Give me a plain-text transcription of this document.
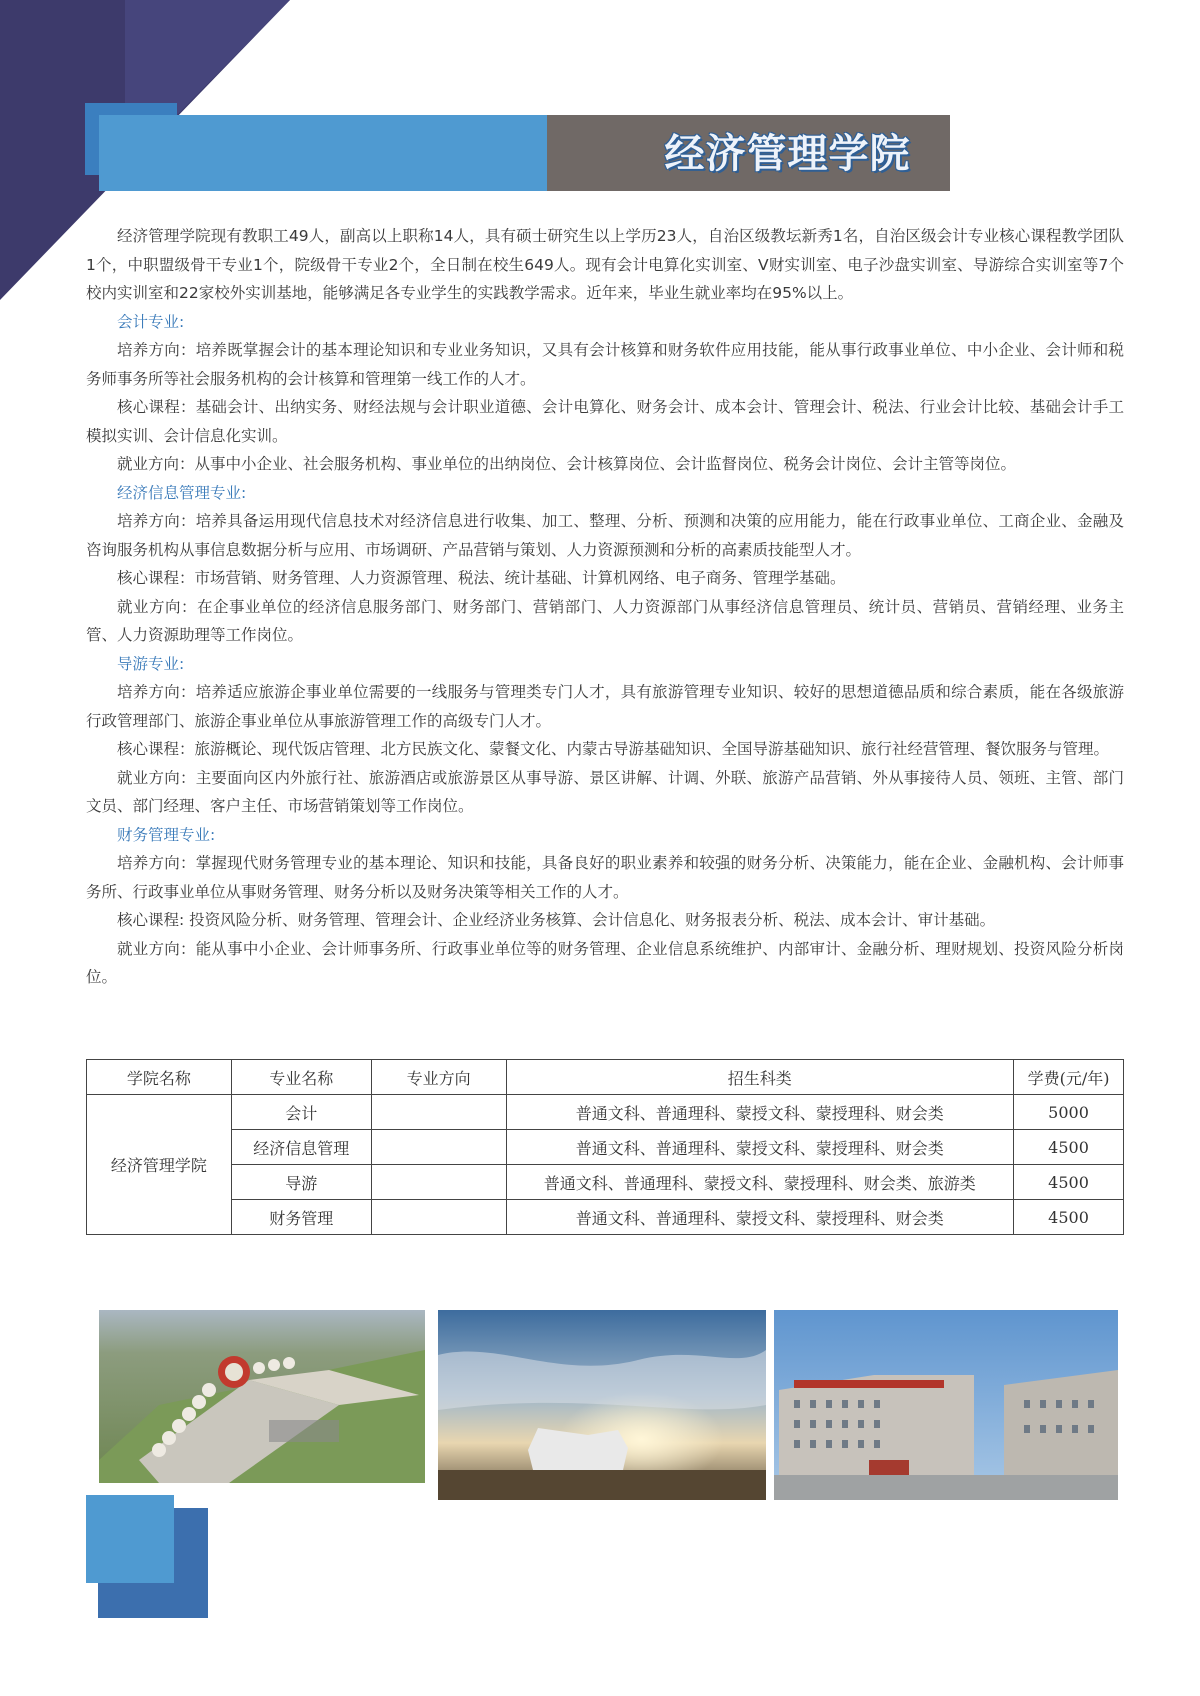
经济管理学院

经济管理学院现有教职工49人，副高以上职称14人，具有硕士研究生以上学历23人，自治区级教坛新秀1名，自治区级会计专业核心课程教学团队1个，中职盟级骨干专业1个，院级骨干专业2个，全日制在校生649人。现有会计电算化实训室、V财实训室、电子沙盘实训室、导游综合实训室等7个校内实训室和22家校外实训基地，能够满足各专业学生的实践教学需求。近年来，毕业生就业率均在95%以上。

会计专业:

培养方向：培养既掌握会计的基本理论知识和专业业务知识，又具有会计核算和财务软件应用技能，能从事行政事业单位、中小企业、会计师和税务师事务所等社会服务机构的会计核算和管理第一线工作的人才。

核心课程：基础会计、出纳实务、财经法规与会计职业道德、会计电算化、财务会计、成本会计、管理会计、税法、行业会计比较、基础会计手工模拟实训、会计信息化实训。

就业方向：从事中小企业、社会服务机构、事业单位的出纳岗位、会计核算岗位、会计监督岗位、税务会计岗位、会计主管等岗位。

经济信息管理专业:

培养方向：培养具备运用现代信息技术对经济信息进行收集、加工、整理、分析、预测和决策的应用能力，能在行政事业单位、工商企业、金融及咨询服务机构从事信息数据分析与应用、市场调研、产品营销与策划、人力资源预测和分析的高素质技能型人才。

核心课程：市场营销、财务管理、人力资源管理、税法、统计基础、计算机网络、电子商务、管理学基础。

就业方向：在企事业单位的经济信息服务部门、财务部门、营销部门、人力资源部门从事经济信息管理员、统计员、营销员、营销经理、业务主管、人力资源助理等工作岗位。

导游专业:

培养方向：培养适应旅游企事业单位需要的一线服务与管理类专门人才，具有旅游管理专业知识、较好的思想道德品质和综合素质，能在各级旅游行政管理部门、旅游企事业单位从事旅游管理工作的高级专门人才。

核心课程：旅游概论、现代饭店管理、北方民族文化、蒙餐文化、内蒙古导游基础知识、全国导游基础知识、旅行社经营管理、餐饮服务与管理。

就业方向：主要面向区内外旅行社、旅游酒店或旅游景区从事导游、景区讲解、计调、外联、旅游产品营销、外从事接待人员、领班、主管、部门文员、部门经理、客户主任、市场营销策划等工作岗位。

财务管理专业:

培养方向：掌握现代财务管理专业的基本理论、知识和技能，具备良好的职业素养和较强的财务分析、决策能力，能在企业、金融机构、会计师事务所、行政事业单位从事财务管理、财务分析以及财务决策等相关工作的人才。

核心课程: 投资风险分析、财务管理、管理会计、企业经济业务核算、会计信息化、财务报表分析、税法、成本会计、审计基础。

就业方向：能从事中小企业、会计师事务所、行政事业单位等的财务管理、企业信息系统维护、内部审计、金融分析、理财规划、投资风险分析岗位。

学院名称	专业名称	专业方向	招生科类	学费(元/年)
经济管理学院	会计		普通文科、普通理科、蒙授文科、蒙授理科、财会类	5000
	经济信息管理		普通文科、普通理科、蒙授文科、蒙授理科、财会类	4500
	导游		普通文科、普通理科、蒙授文科、蒙授理科、财会类、旅游类	4500
	财务管理		普通文科、普通理科、蒙授文科、蒙授理科、财会类	4500
